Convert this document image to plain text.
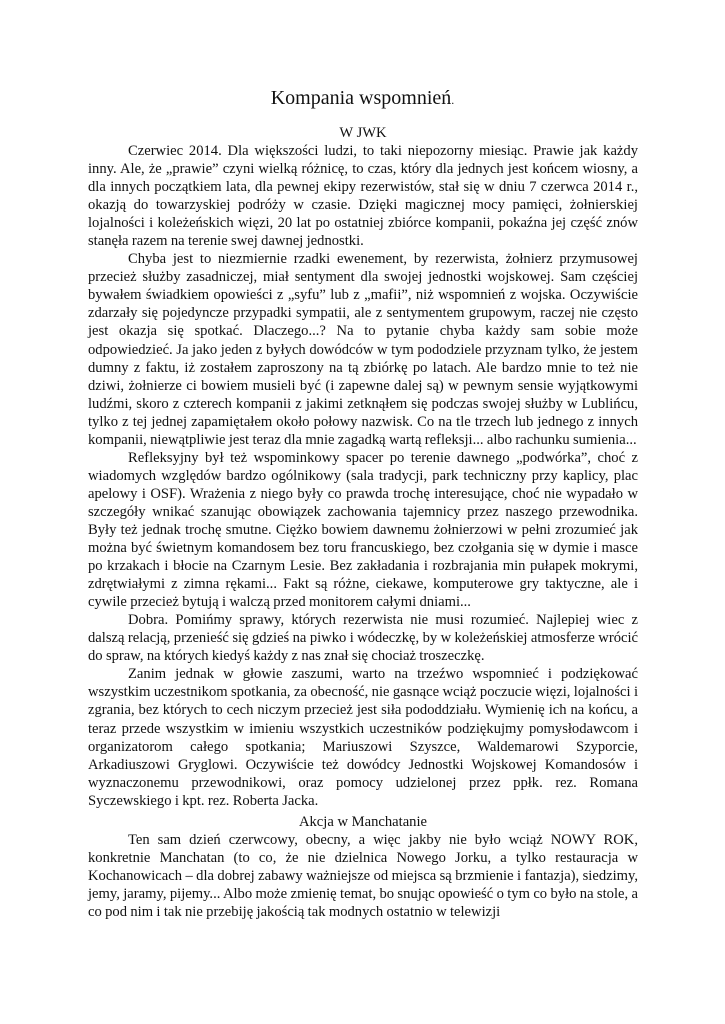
Kompania wspomnień.
W JWK

Czerwiec 2014. Dla większości ludzi, to taki niepozorny miesiąc. Prawie jak każdy inny. Ale, że „prawie” czyni wielką różnicę, to czas, który dla jednych jest końcem wiosny, a dla innych początkiem lata, dla pewnej ekipy rezerwistów, stał się w dniu 7 czerwca 2014 r., okazją do towarzyskiej podróży w czasie. Dzięki magicznej mocy pamięci, żołnierskiej lojalności i koleżeńskich więzi, 20 lat po ostatniej zbiórce kompanii, pokaźna jej część znów stanęła razem na terenie swej dawnej jednostki.

Chyba jest to niezmiernie rzadki ewenement, by rezerwista, żołnierz przymusowej przecież służby zasadniczej, miał sentyment dla swojej jednostki wojskowej. Sam częściej bywałem świadkiem opowieści z „syfu” lub z „mafii”, niż wspomnień z wojska. Oczywiście zdarzały się pojedyncze przypadki sympatii, ale z sentymentem grupowym, raczej nie często jest okazja się spotkać. Dlaczego...? Na to pytanie chyba każdy sam sobie może odpowiedzieć. Ja jako jeden z byłych dowódców w tym pododziele przyznam tylko, że jestem dumny z faktu, iż zostałem zaproszony na tą zbiórkę po latach. Ale bardzo mnie to też nie dziwi, żołnierze ci bowiem musieli być (i zapewne dalej są) w pewnym sensie wyjątkowymi ludźmi, skoro z czterech kompanii z jakimi zetknąłem się podczas swojej służby w Lublińcu, tylko z tej jednej zapamiętałem około połowy nazwisk. Co na tle trzech lub jednego z innych kompanii, niewątpliwie jest teraz dla mnie zagadką wartą refleksji... albo rachunku sumienia...

Refleksyjny był też wspominkowy spacer po terenie dawnego „podwórka”, choć z wiadomych względów bardzo ogólnikowy (sala tradycji, park techniczny przy kaplicy, plac apelowy i OSF). Wrażenia z niego były co prawda trochę interesujące, choć nie wypadało w szczegóły wnikać szanując obowiązek zachowania tajemnicy przez naszego przewodnika. Były też jednak trochę smutne. Ciężko bowiem dawnemu żołnierzowi w pełni zrozumieć jak można być świetnym komandosem bez toru francuskiego, bez czołgania się w dymie i masce po krzakach i błocie na Czarnym Lesie. Bez zakładania i rozbrajania min pułapek mokrymi, zdrętwiałymi z zimna rękami... Fakt są różne, ciekawe, komputerowe gry taktyczne, ale i cywile przecież bytują i walczą przed monitorem całymi dniami...

Dobra. Pomińmy sprawy, których rezerwista nie musi rozumieć. Najlepiej wiec z dalszą relacją, przenieść się gdzieś na piwko i wódeczkę, by w koleżeńskiej atmosferze wrócić do spraw, na których kiedyś każdy z nas znał się chociaż troszeczkę.

Zanim jednak w głowie zaszumi, warto na trzeźwo wspomnieć i podziękować wszystkim uczestnikom spotkania, za obecność, nie gasnące wciąż poczucie więzi, lojalności i zgrania, bez których to cech niczym przecież jest siła pododdziału. Wymienię ich na końcu, a teraz przede wszystkim w imieniu wszystkich uczestników podziękujmy pomysłodawcom i organizatorom całego spotkania; Mariuszowi Szyszce, Waldemarowi Szyporcie, Arkadiuszowi Gryglowi. Oczywiście też dowódcy Jednostki Wojskowej Komandosów i wyznaczonemu przewodnikowi, oraz pomocy udzielonej przez ppłk. rez. Romana Syczewskiego i kpt. rez. Roberta Jacka.

Akcja w Manchatanie

Ten sam dzień czerwcowy, obecny, a więc jakby nie było wciąż NOWY ROK, konkretnie Manchatan (to co, że nie dzielnica Nowego Jorku, a tylko restauracja w Kochanowicach – dla dobrej zabawy ważniejsze od miejsca są brzmienie i fantazja), siedzimy, jemy, jaramy, pijemy... Albo może zmienię temat, bo snując opowieść o tym co było na stole, a co pod nim i tak nie przebiję jakością tak modnych ostatnio w telewizji
